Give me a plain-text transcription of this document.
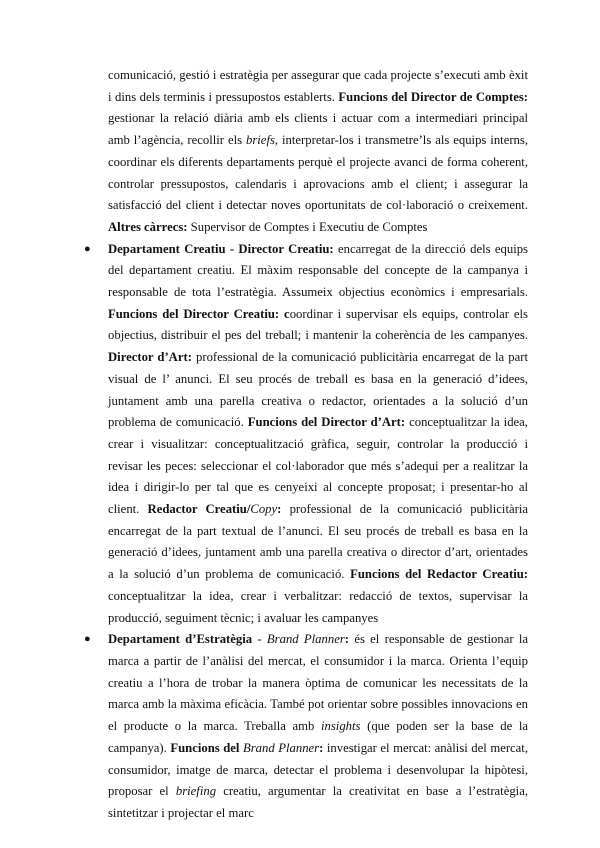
comunicació, gestió i estratègia per assegurar que cada projecte s’executi amb èxit i dins dels terminis i pressupostos establerts. Funcions del Director de Comptes: gestionar la relació diària amb els clients i actuar com a intermediari principal amb l’agència, recollir els briefs, interpretar-los i transmetre’ls als equips interns, coordinar els diferents departaments perquè el projecte avanci de forma coherent, controlar pressupostos, calendaris i aprovacions amb el client; i assegurar la satisfacció del client i detectar noves oportunitats de col·laboració o creixement. Altres càrrecs: Supervisor de Comptes i Executiu de Comptes

● Departament Creatiu - Director Creatiu: encarregat de la direcció dels equips del departament creatiu. El màxim responsable del concepte de la campanya i responsable de tota l’estratègia. Assumeix objectius econòmics i empresarials. Funcions del Director Creatiu: coordinar i supervisar els equips, controlar els objectius, distribuir el pes del treball; i mantenir la coherència de les campanyes. Director d’Art: professional de la comunicació publicitària encarregat de la part visual de l’ anunci. El seu procés de treball es basa en la generació d’idees, juntament amb una parella creativa o redactor, orientades a la solució d’un problema de comunicació. Funcions del Director d’Art: conceptualitzar la idea, crear i visualitzar: conceptualització gràfica, seguir, controlar la producció i revisar les peces: seleccionar el col·laborador que més s’adequi per a realitzar la idea i dirigir-lo per tal que es cenyeixi al concepte proposat; i presentar-ho al client. Redactor Creatiu/Copy: professional de la comunicació publicitària encarregat de la part textual de l’anunci. El seu procés de treball es basa en la generació d’idees, juntament amb una parella creativa o director d’art, orientades a la solució d’un problema de comunicació. Funcions del Redactor Creatiu: conceptualitzar la idea, crear i verbalitzar: redacció de textos, supervisar la producció, seguiment tècnic; i avaluar les campanyes

● Departament d’Estratègia - Brand Planner: és el responsable de gestionar la marca a partir de l’anàlisi del mercat, el consumidor i la marca. Orienta l’equip creatiu a l’hora de trobar la manera òptima de comunicar les necessitats de la marca amb la màxima eficàcia. També pot orientar sobre possibles innovacions en el producte o la marca. Treballa amb insights (que poden ser la base de la campanya). Funcions del Brand Planner: investigar el mercat: anàlisi del mercat, consumidor, imatge de marca, detectar el problema i desenvolupar la hipòtesi, proposar el briefing creatiu, argumentar la creativitat en base a l’estratègia, sintetitzar i projectar el marc
